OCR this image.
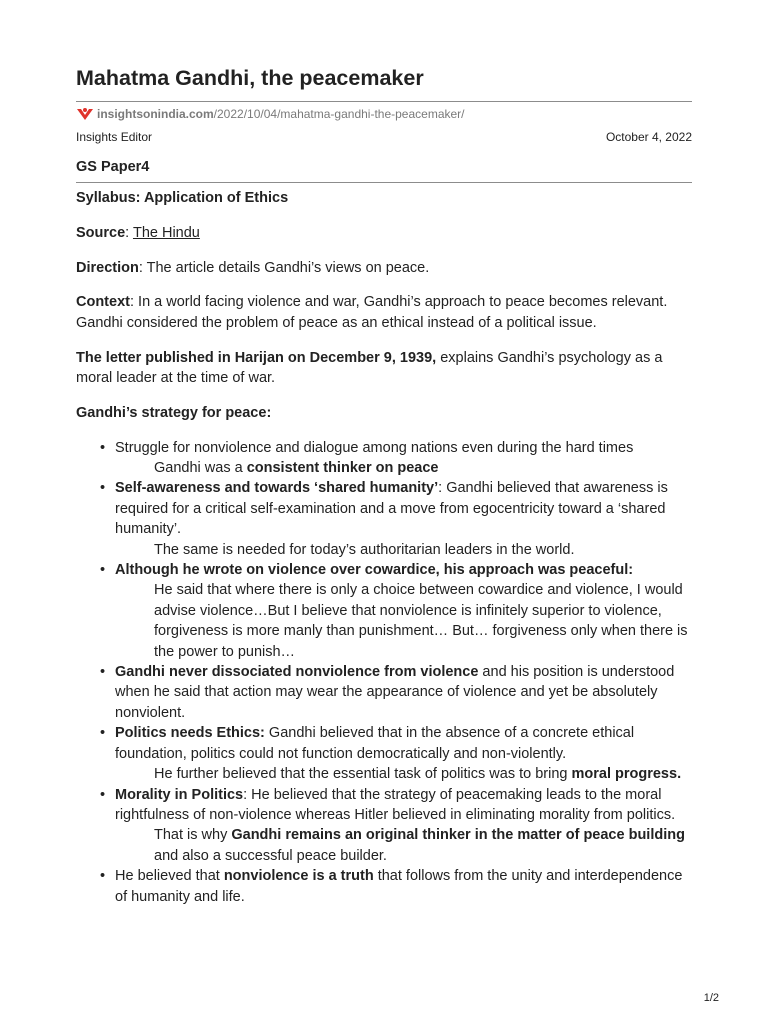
Mahatma Gandhi, the peacemaker
insightsonindia.com /2022/10/04/mahatma-gandhi-the-peacemaker/
Insights Editor	October 4, 2022
GS Paper4

Syllabus: Application of Ethics

Source: The Hindu

Direction: The article details Gandhi’s views on peace.

Context: In a world facing violence and war, Gandhi’s approach to peace becomes relevant. Gandhi considered the problem of peace as an ethical instead of a political issue.

The letter published in Harijan on December 9, 1939, explains Gandhi’s psychology as a moral leader at the time of war.

Gandhi’s strategy for peace:

• Struggle for nonviolence and dialogue among nations even during the hard times
Gandhi was a consistent thinker on peace
• Self-awareness and towards ‘shared humanity’: Gandhi believed that awareness is required for a critical self-examination and a move from egocentricity toward a ‘shared humanity’.
The same is needed for today’s authoritarian leaders in the world.
• Although he wrote on violence over cowardice, his approach was peaceful:
He said that where there is only a choice between cowardice and violence, I would advise violence…But I believe that nonviolence is infinitely superior to violence, forgiveness is more manly than punishment… But… forgiveness only when there is the power to punish…
• Gandhi never dissociated nonviolence from violence and his position is understood when he said that action may wear the appearance of violence and yet be absolutely nonviolent.
• Politics needs Ethics: Gandhi believed that in the absence of a concrete ethical foundation, politics could not function democratically and non-violently.
He further believed that the essential task of politics was to bring moral progress.
• Morality in Politics: He believed that the strategy of peacemaking leads to the moral rightfulness of non-violence whereas Hitler believed in eliminating morality from politics.
That is why Gandhi remains an original thinker in the matter of peace building and also a successful peace builder.
• He believed that nonviolence is a truth that follows from the unity and interdependence of humanity and life.
1/2
